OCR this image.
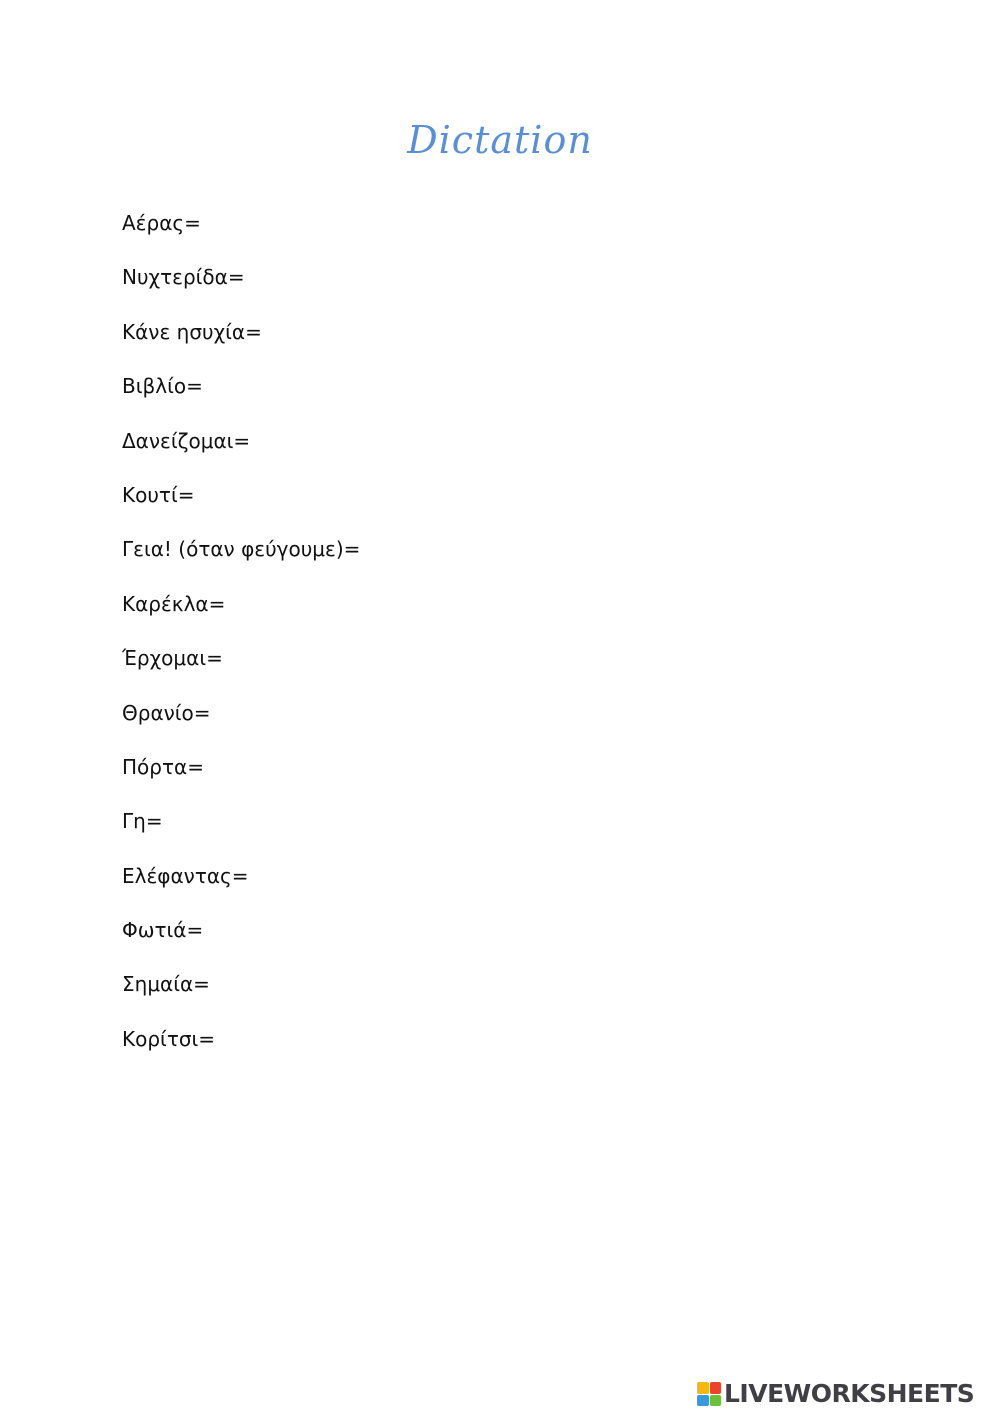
Dictation
Αέρας=
Νυχτερίδα=
Κάνε ησυχία=
Βιβλίο=
Δανείζομαι=
Κουτί=
Γεια! (όταν φεύγουμε)=
Καρέκλα=
Έρχομαι=
Θρανίο=
Πόρτα=
Γη=
Ελέφαντας=
Φωτιά=
Σημαία=
Κορίτσι=
LIVEWORKSHEETS
